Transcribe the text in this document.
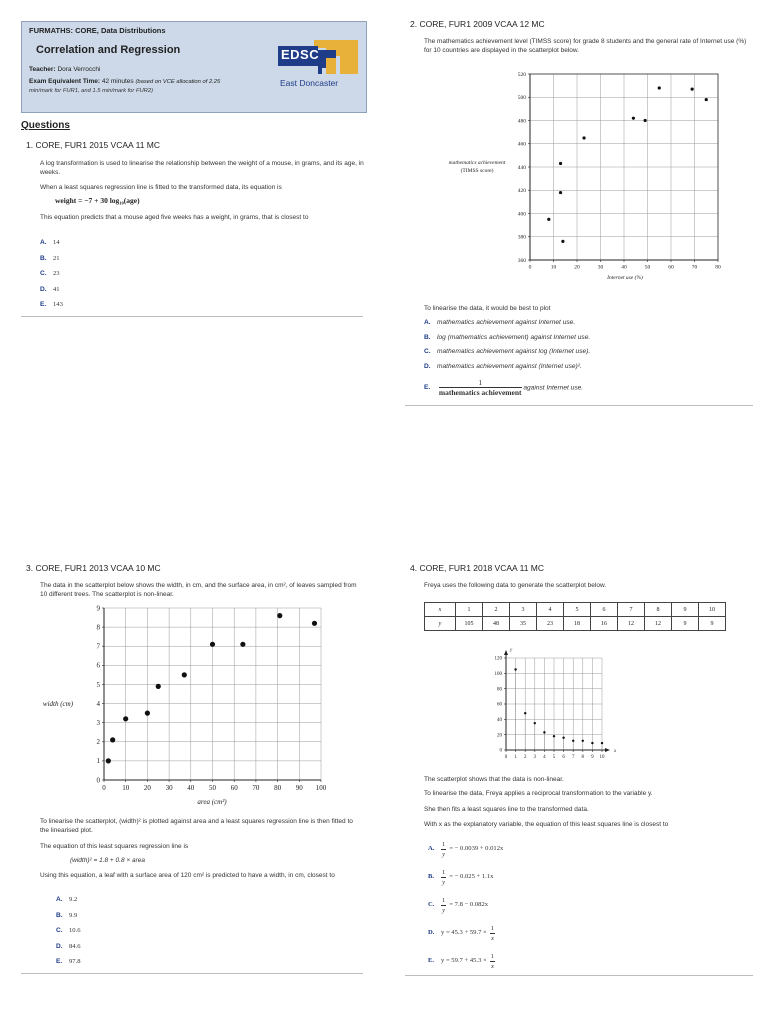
FURMATHS: CORE, Data Distributions
Correlation and Regression
Teacher: Dora Verrocchi
Exam Equivalent Time: 42 minutes (based on VCE allocation of 2.25
min/mark for FUR1, and 1.5 min/mark for FUR2)
EDSC
East Doncaster
Questions
1. CORE, FUR1 2015 VCAA 11 MC
A log transformation is used to linearise the relationship between the weight of a mouse, in grams, and its age, in weeks.
When a least squares regression line is fitted to the transformed data, its equation is
weight = −7 + 30 log₁₀(age)
This equation predicts that a mouse aged five weeks has a weight, in grams, that is closest to
A. 14
B. 21
C. 23
D. 41
E. 143
2. CORE, FUR1 2009 VCAA 12 MC
The mathematics achievement level (TIMSS score) for grade 8 students and the general rate of Internet use (%) for 10 countries are displayed in the scatterplot below.
0	10	20	30	40	50	60	70	80
360
380
400
420
440
460
480
500
520
Internet use (%)
mathematics achievement
(TIMSS score)
To linearise the data, it would be best to plot
A. mathematics achievement against Internet use.
B. log (mathematics achievement) against Internet use.
C. mathematics achievement against log (Internet use).
D. mathematics achievement against (Internet use)².
E. $\frac{1}{\text{mathematics achievement}}$ against Internet use.
3. CORE, FUR1 2013 VCAA 10 MC
The data in the scatterplot below shows the width, in cm, and the surface area, in cm², of leaves sampled from 10 different trees. The scatterplot is non-linear.
0 10 20 30 40 50 60 70 80 90 100
0
1
2
3
4
5
6
7
8
9
area (cm²)
width (cm)
To linearise the scatterplot, (width)² is plotted against area and a least squares regression line is then fitted to the linearised plot.
The equation of this least squares regression line is
(width)² = 1.8 + 0.8 × area
Using this equation, a leaf with a surface area of 120 cm² is predicted to have a width, in cm, closest to
A. 9.2
B. 9.9
C. 10.6
D. 84.6
E. 97.8
4. CORE, FUR1 2018 VCAA 11 MC
Freya uses the following data to generate the scatterplot below.
x	1	2	3	4	5	6	7	8	9	10
y	105	48	35	23	18	16	12	12	9	9
0 1 2 3 4 5 6 7 8 9 10
0
20
40
60
80
100
120
x
y
The scatterplot shows that the data is non-linear.
To linearise the data, Freya applies a reciprocal transformation to the variable y.
She then fits a least squares line to the transformed data.
With x as the explanatory variable, the equation of this least squares line is closest to
A. $\frac{1}{y}$ = − 0.0039 + 0.012x
B.	$\frac{1}{y}$ = − 0.025 + 1.1x
C. $\frac{1}{y} = 7.8 - 0.082x$
D. $y = 45.3 + 59.7 \times \frac{1}{x}$
E.	$y = 59.7 + 45.3 \times \frac{1}{x}$
